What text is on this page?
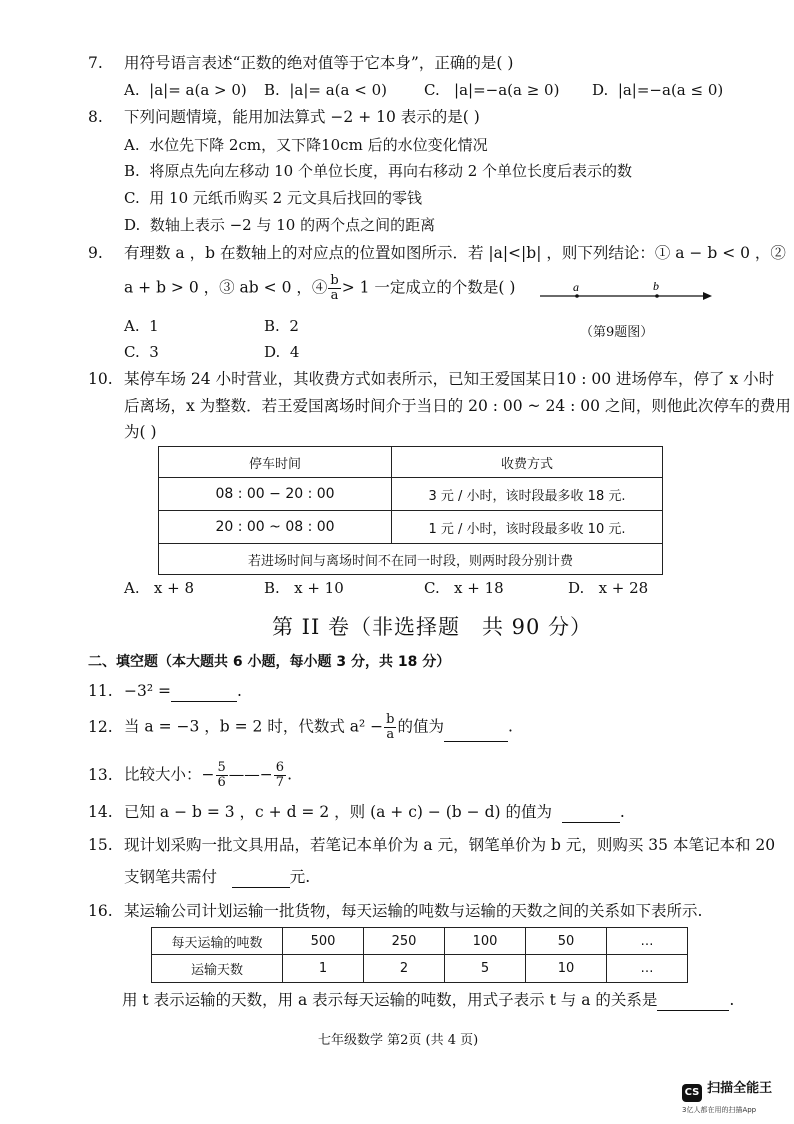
7. 用符号语言表述“正数的绝对值等于它本身”，正确的是( )
A. |a|= a(a > 0) B. |a|= a(a < 0) C. |a|=−a(a ≥ 0) D. |a|=−a(a ≤ 0)
8. 下列问题情境，能用加法算式 −2 + 10 表示的是( )
A. 水位先下降 2cm，又下降10cm 后的水位变化情况
B. 将原点先向左移动 10 个单位长度，再向右移动 2 个单位长度后表示的数
C. 用 10 元纸币购买 2 元文具后找回的零钱
D. 数轴上表示 −2 与 10 的两个点之间的距离
9. 有理数 a ，b 在数轴上的对应点的位置如图所示．若 |a|<|b| ，则下列结论：① a − b < 0 ，②
a + b > 0 ，③ ab < 0 ，④ $\frac{b}{a} > 1$ 一定成立的个数是( )	a	b
（第9题图）
A. 1	B. 2
C. 3	D. 4
10. 某停车场 24 小时营业，其收费方式如表所示，已知王爱国某日10 : 00 进场停车，停了 x 小时
后离场，x 为整数．若王爱国离场时间介于当日的 20 : 00 ~ 24 : 00 之间，则他此次停车的费用
为( )
停车时间	收费方式
08 : 00 − 20 : 00	3 元 / 小时，该时段最多收 18 元.
20 : 00 ~ 08 : 00	1 元 / 小时，该时段最多收 10 元.
若进场时间与离场时间不在同一时段，则两时段分别计费	
A. x + 8	B. x + 10	C. x + 18	D. x + 28
第 II 卷（非选择题　共 90 分）
二、填空题（本大题共 6 小题，每小题 3 分，共 18 分）
11. −3² =	.
12. 当 a = −3 ，b = 2 时，代数式 $a^2 - \frac{b}{a}$ 的值为	.
13. 比较大小：− $\frac{5}{6}$ ——− $\frac{6}{7}$ .
14. 已知 a − b = 3 ，c + d = 2 ，则 (a + c) − (b − d) 的值为	.
15. 现计划采购一批文具用品，若笔记本单价为 a 元，钢笔单价为 b 元，则购买 35 本笔记本和 20
支钢笔共需付	元.
16. 某运输公司计划运输一批货物，每天运输的吨数与运输的天数之间的关系如下表所示.
每天运输的吨数	500	250	100	50	…
运输天数	1	2	5	10	…
用 t 表示运输的天数，用 a 表示每天运输的吨数，用式子表示 t 与 a 的关系是	.
七年级数学 第2页 (共 4 页)
CS $^{扫描全能王}$
3亿人都在用的扫描App
